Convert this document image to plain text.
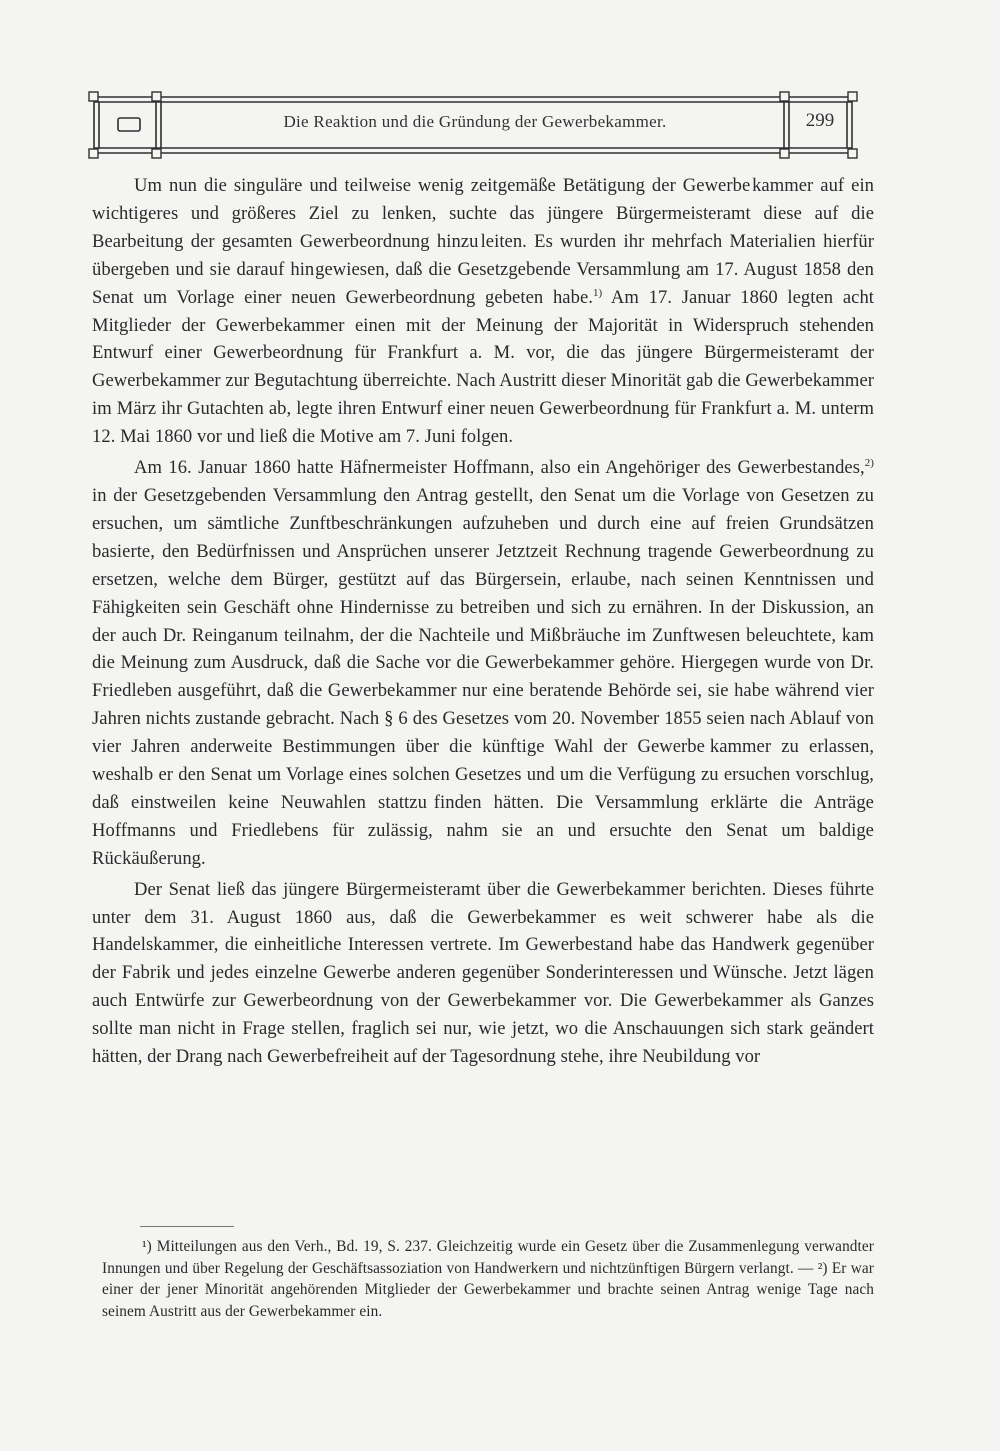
Die Reaktion und die Gründung der Gewerbekammer.	299

Um nun die singuläre und teilweise wenig zeitgemäße Betätigung der Gewerbe kammer auf ein wichtigeres und größeres Ziel zu lenken, suchte das jüngere Bürgermeisteramt diese auf die Bearbeitung der gesamten Gewerbeordnung hinzu leiten. Es wurden ihr mehrfach Materialien hierfür übergeben und sie darauf hin gewiesen, daß die Gesetzgebende Versammlung am 17. August 1858 den Senat um Vorlage einer neuen Gewerbeordnung gebeten habe.$^{1)}$ Am 17. Januar 1860 legten acht Mitglieder der Gewerbekammer einen mit der Meinung der Majorität in Widerspruch stehenden Entwurf einer Gewerbeordnung für Frankfurt a. M. vor, die das jüngere Bürgermeisteramt der Gewerbekammer zur Begutachtung überreichte. Nach Austritt dieser Minorität gab die Gewerbekammer im März ihr Gutachten ab, legte ihren Entwurf einer neuen Gewerbeordnung für Frankfurt a. M. unterm 12. Mai 1860 vor und ließ die Motive am 7. Juni folgen.

Am 16. Januar 1860 hatte Häfnermeister Hoffmann, also ein Angehöriger des Gewerbestandes,$^{2)}$ in der Gesetzgebenden Versammlung den Antrag gestellt, den Senat um die Vorlage von Gesetzen zu ersuchen, um sämtliche Zunftbeschränkungen aufzuheben und durch eine auf freien Grundsätzen basierte, den Bedürfnissen und Ansprüchen unserer Jetztzeit Rechnung tragende Gewerbeordnung zu ersetzen, welche dem Bürger, gestützt auf das Bürgersein, erlaube, nach seinen Kenntnissen und Fähigkeiten sein Geschäft ohne Hindernisse zu betreiben und sich zu ernähren. In der Diskussion, an der auch Dr. Reinganum teilnahm, der die Nachteile und Miß bräuche im Zunftwesen beleuchtete, kam die Meinung zum Ausdruck, daß die Sache vor die Gewerbekammer gehöre. Hiergegen wurde von Dr. Friedleben ausgeführt, daß die Gewerbekammer nur eine beratende Behörde sei, sie habe während vier Jahren nichts zustande gebracht. Nach § 6 des Gesetzes vom 20. November 1855 seien nach Ablauf von vier Jahren anderweite Bestimmungen über die künftige Wahl der Gewerbe kammer zu erlassen, weshalb er den Senat um Vorlage eines solchen Gesetzes und um die Verfügung zu ersuchen vorschlug, daß einstweilen keine Neuwahlen stattzu finden hätten. Die Versammlung erklärte die Anträge Hoffmanns und Friedlebens für zulässig, nahm sie an und ersuchte den Senat um baldige Rückäußerung.

Der Senat ließ das jüngere Bürgermeisteramt über die Gewerbekammer berichten. Dieses führte unter dem 31. August 1860 aus, daß die Gewerbekammer es weit schwerer habe als die Handelskammer, die einheitliche Interessen vertrete. Im Gewerbestand habe das Handwerk gegenüber der Fabrik und jedes einzelne Gewerbe anderen gegenüber Sonderinteressen und Wünsche. Jetzt lägen auch Entwürfe zur Gewerbeordnung von der Gewerbekammer vor. Die Gewerbekammer als Ganzes sollte man nicht in Frage stellen, fraglich sei nur, wie jetzt, wo die Anschauungen sich stark geändert hätten, der Drang nach Gewerbefreiheit auf der Tagesordnung stehe, ihre Neubildung vor

¹) Mitteilungen aus den Verh., Bd. 19, S. 237. Gleichzeitig wurde ein Gesetz über die Zusammenlegung verwandter Innungen und über Regelung der Geschäftsassoziation von Handwerkern und nichtzünftigen Bürgern verlangt. — ²) Er war einer der jener Minorität angehörenden Mitglieder der Gewerbekammer und brachte seinen Antrag wenige Tage nach seinem Austritt aus der Gewerbekammer ein.
